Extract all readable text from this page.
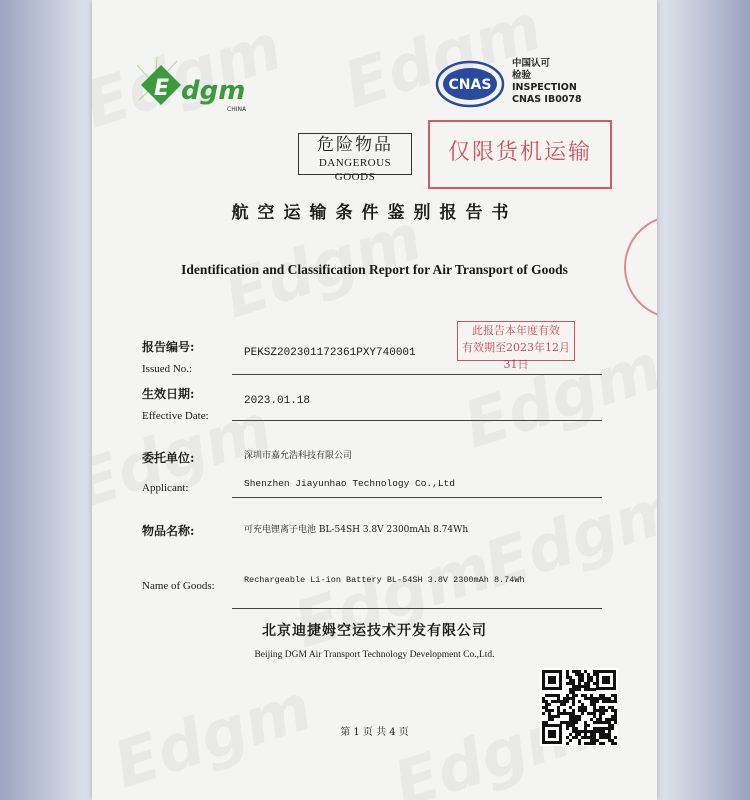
E dgm
CHINA
CNAS
中国认可
检验
INSPECTION
CNAS IB0078
危险物品
DANGEROUS GOODS
仅限货机运输
航空运输条件鉴别报告书
Identification and Classification Report for Air Transport of Goods
报告编号:	PEKSZ202301172361PXY740001
Issued No.:
此报告本年度有效
有效期至2023年12月31日
生效日期:	2023.01.18
Effective Date:
委托单位:	深圳市嘉允浩科技有限公司
Applicant:	Shenzhen Jiayunhao Technology Co.,Ltd
物品名称:	可充电锂离子电池 BL-54SH 3.8V 2300mAh 8.74Wh
Name of Goods:	Rechargeable Li-ion Battery BL-54SH 3.8V 2300mAh 8.74Wh
北京迪捷姆空运技术开发有限公司
Beijing DGM Air Transport Technology Development Co.,Ltd.
第 1 页 共 4 页
